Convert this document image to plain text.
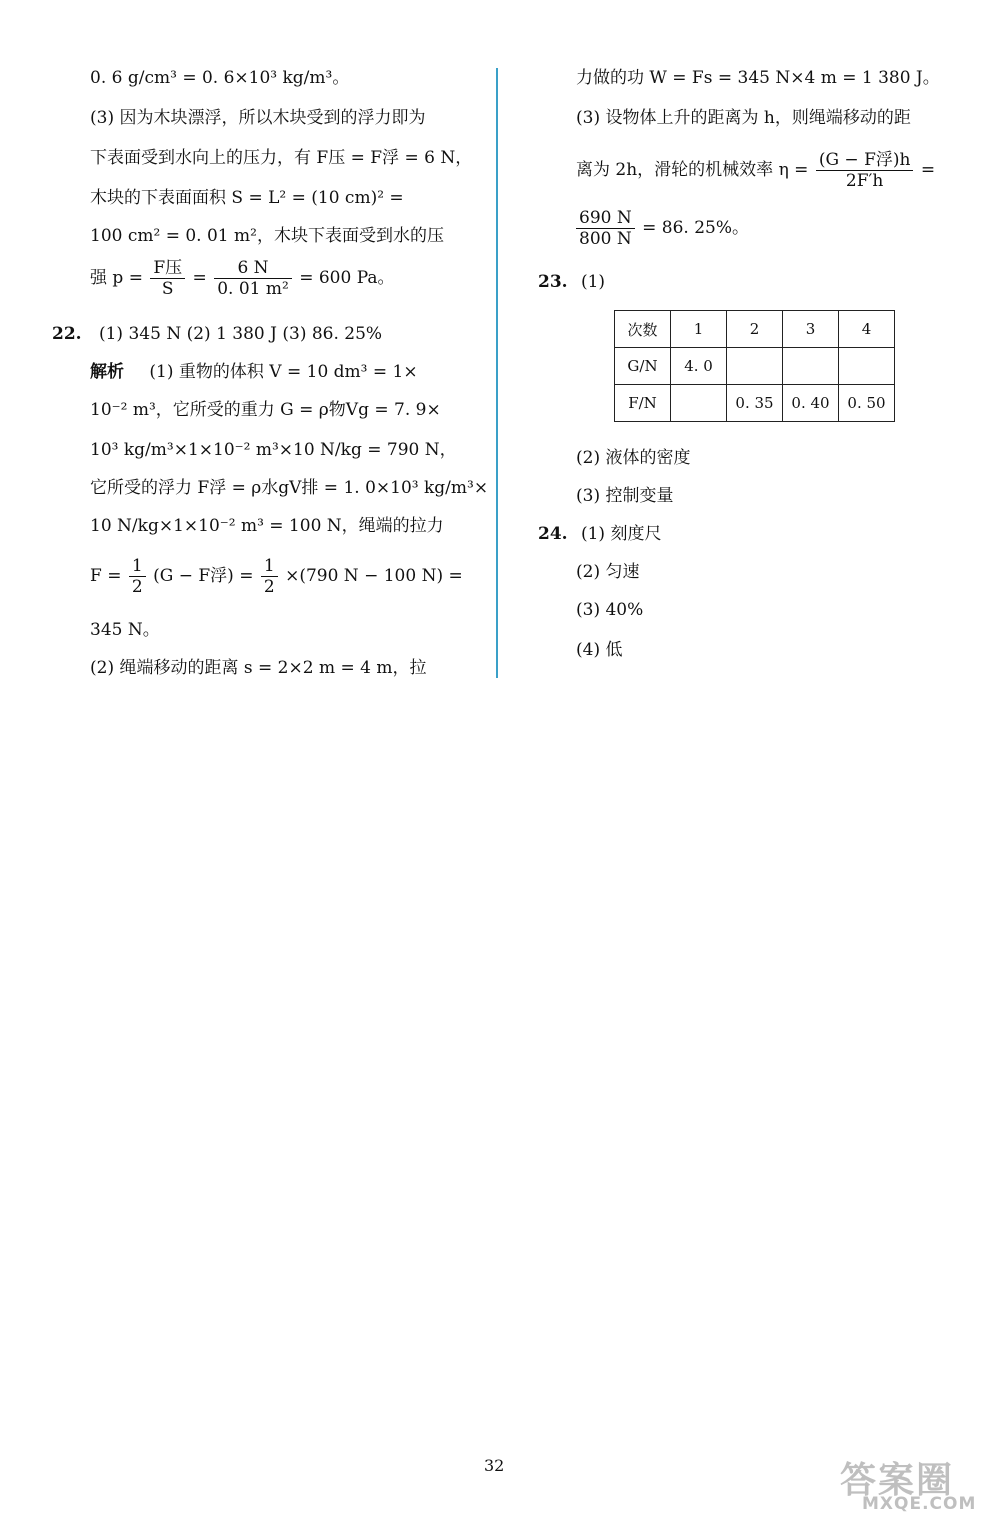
0. 6 g/cm³ = 0. 6×10³ kg/m³。
(3) 因为木块漂浮，所以木块受到的浮力即为
下表面受到水向上的压力，有 F压 = F浮 = 6 N，
木块的下表面面积 S = L² = (10 cm)² =
100 cm² = 0. 01 m²，木块下表面受到水的压
强 $p = \frac{\text{F压}}{S} = \frac{6 N}{\text{0. 01 m²}} = 600$ Pa。
22. (1) 345 N (2) 1 380 J (3) 86. 25%
解析 (1) 重物的体积 V = 10 dm³ = 1×
10⁻² m³，它所受的重力 G = ρ物Vg = 7. 9×
10³ kg/m³×1×10⁻² m³×10 N/kg = 790 N，
它所受的浮力 F浮 = ρ水gV排 = 1. 0×10³ kg/m³×
10 N/kg×1×10⁻² m³ = 100 N，绳端的拉力
$F = \frac{1}{2} (G - F$浮) = $\frac{1}{2} \times(790$ N − 100 N) =
345 N。
(2) 绳端移动的距离 s = 2×2 m = 4 m，拉
力做的功 W = Fs = 345 N×4 m = 1 380 J。
(3) 设物体上升的距离为 h，则绳端移动的距
离为 2h，滑轮的机械效率 $\eta = \frac{\text{(G − F浮)h}}{2F'h}$ =
$\frac{690 N}{800 N} = 86$. 25%。
23. (1)
次数	1	2	3	4
G/N	4. 0			
F/N		0. 35	0. 40	0. 50
(2) 液体的密度
(3) 控制变量
24. (1) 刻度尺
(2) 匀速
(3) 40%
(4) 低
32	答案圈
MXQE.COM
